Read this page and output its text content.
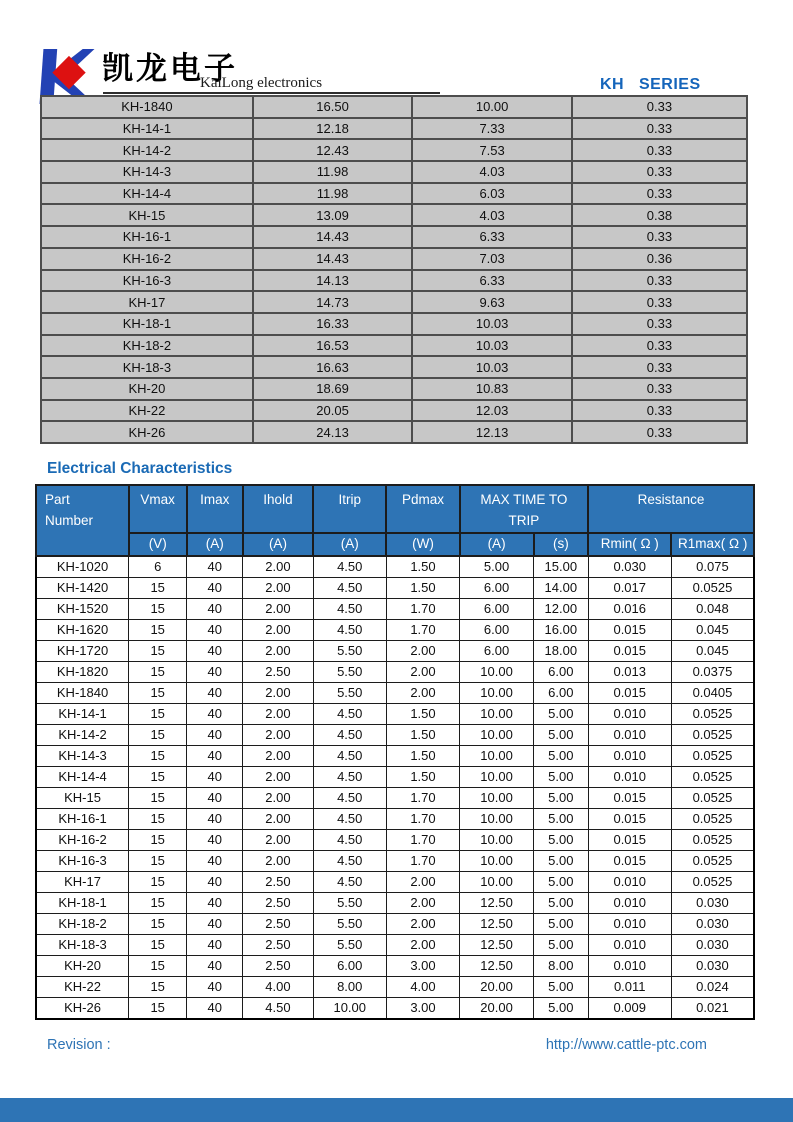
凯龙电子
KaiLong electronics	KH   SERIES
KH-1840	16.50	10.00	0.33
KH-14-1	12.18	7.33	0.33
KH-14-2	12.43	7.53	0.33
KH-14-3	11.98	4.03	0.33
KH-14-4	11.98	6.03	0.33
KH-15	13.09	4.03	0.38
KH-16-1	14.43	6.33	0.33
KH-16-2	14.43	7.03	0.36
KH-16-3	14.13	6.33	0.33
KH-17	14.73	9.63	0.33
KH-18-1	16.33	10.03	0.33
KH-18-2	16.53	10.03	0.33
KH-18-3	16.63	10.03	0.33
KH-20	18.69	10.83	0.33
KH-22	20.05	12.03	0.33
KH-26	24.13	12.13	0.33
Electrical Characteristics
Part
Number
	Vmax	Imax	Ihold	Itrip	Pdmax	MAX TIME TO
TRIP
	Resistance
	(V)	(A)	(A)	(A)	(W)	(A)	(s)	Rmin( Ω )	R1max( Ω )
KH-1020	6	40	2.00	4.50	1.50	5.00	15.00	0.030	0.075
KH-1420	15	40	2.00	4.50	1.50	6.00	14.00	0.017	0.0525
KH-1520	15	40	2.00	4.50	1.70	6.00	12.00	0.016	0.048
KH-1620	15	40	2.00	4.50	1.70	6.00	16.00	0.015	0.045
KH-1720	15	40	2.00	5.50	2.00	6.00	18.00	0.015	0.045
KH-1820	15	40	2.50	5.50	2.00	10.00	6.00	0.013	0.0375
KH-1840	15	40	2.00	5.50	2.00	10.00	6.00	0.015	0.0405
KH-14-1	15	40	2.00	4.50	1.50	10.00	5.00	0.010	0.0525
KH-14-2	15	40	2.00	4.50	1.50	10.00	5.00	0.010	0.0525
KH-14-3	15	40	2.00	4.50	1.50	10.00	5.00	0.010	0.0525
KH-14-4	15	40	2.00	4.50	1.50	10.00	5.00	0.010	0.0525
KH-15	15	40	2.00	4.50	1.70	10.00	5.00	0.015	0.0525
KH-16-1	15	40	2.00	4.50	1.70	10.00	5.00	0.015	0.0525
KH-16-2	15	40	2.00	4.50	1.70	10.00	5.00	0.015	0.0525
KH-16-3	15	40	2.00	4.50	1.70	10.00	5.00	0.015	0.0525
KH-17	15	40	2.50	4.50	2.00	10.00	5.00	0.010	0.0525
KH-18-1	15	40	2.50	5.50	2.00	12.50	5.00	0.010	0.030
KH-18-2	15	40	2.50	5.50	2.00	12.50	5.00	0.010	0.030
KH-18-3	15	40	2.50	5.50	2.00	12.50	5.00	0.010	0.030
KH-20	15	40	2.50	6.00	3.00	12.50	8.00	0.010	0.030
KH-22	15	40	4.00	8.00	4.00	20.00	5.00	0.011	0.024
KH-26	15	40	4.50	10.00	3.00	20.00	5.00	0.009	0.021
Revision :	http://www.cattle-ptc.com
